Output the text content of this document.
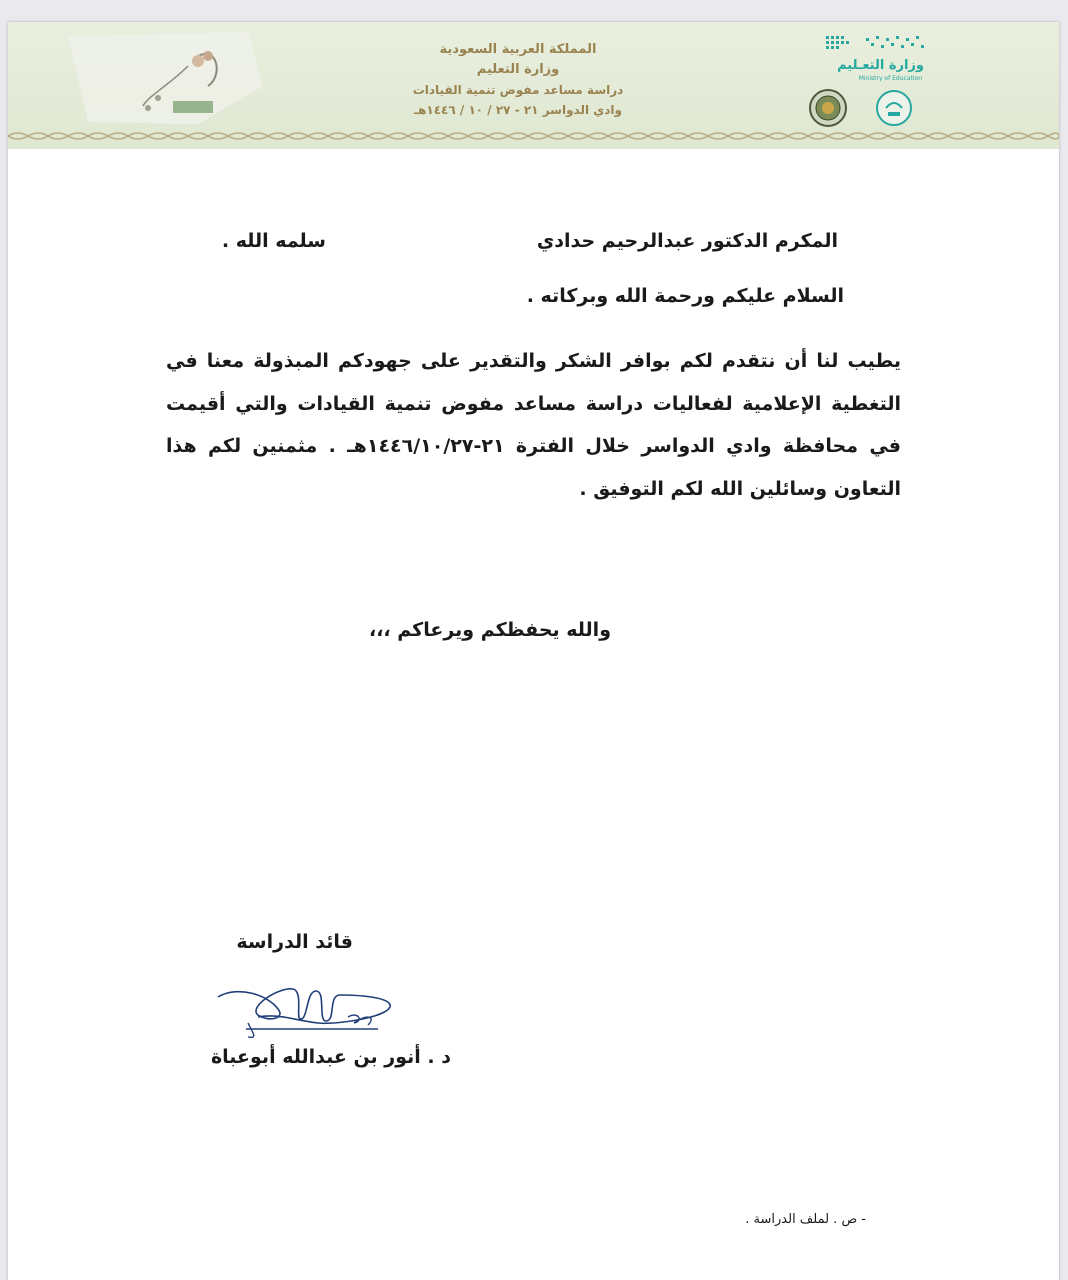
المملكة العربية السعودية
وزارة التعليم
دراسة مساعد مفوض تنمية القيادات
وادي الدواسر ٢١ - ٢٧ / ١٠ / ١٤٤٦هـ
وزارة التعـليم
Ministry of Education
المكرم الدكتور عبدالرحيم حدادي
سلمه الله .
السلام عليكم ورحمة الله وبركاته .
يطيب لنا أن نتقدم لكم بوافر الشكر والتقدير على جهودكم المبذولة معنا في التغطية الإعلامية لفعاليات دراسة مساعد مفوض تنمية القيادات والتي أقيمت في محافظة وادي الدواسر خلال الفترة ٢١-١٤٤٦/١٠/٢٧هـ . مثمنين لكم هذا التعاون وسائلين الله لكم التوفيق .
والله يحفظكم ويرعاكم ،،،
قائد الدراسة
د . أنور بن عبدالله أبوعباة
- ص . لملف الدراسة .
